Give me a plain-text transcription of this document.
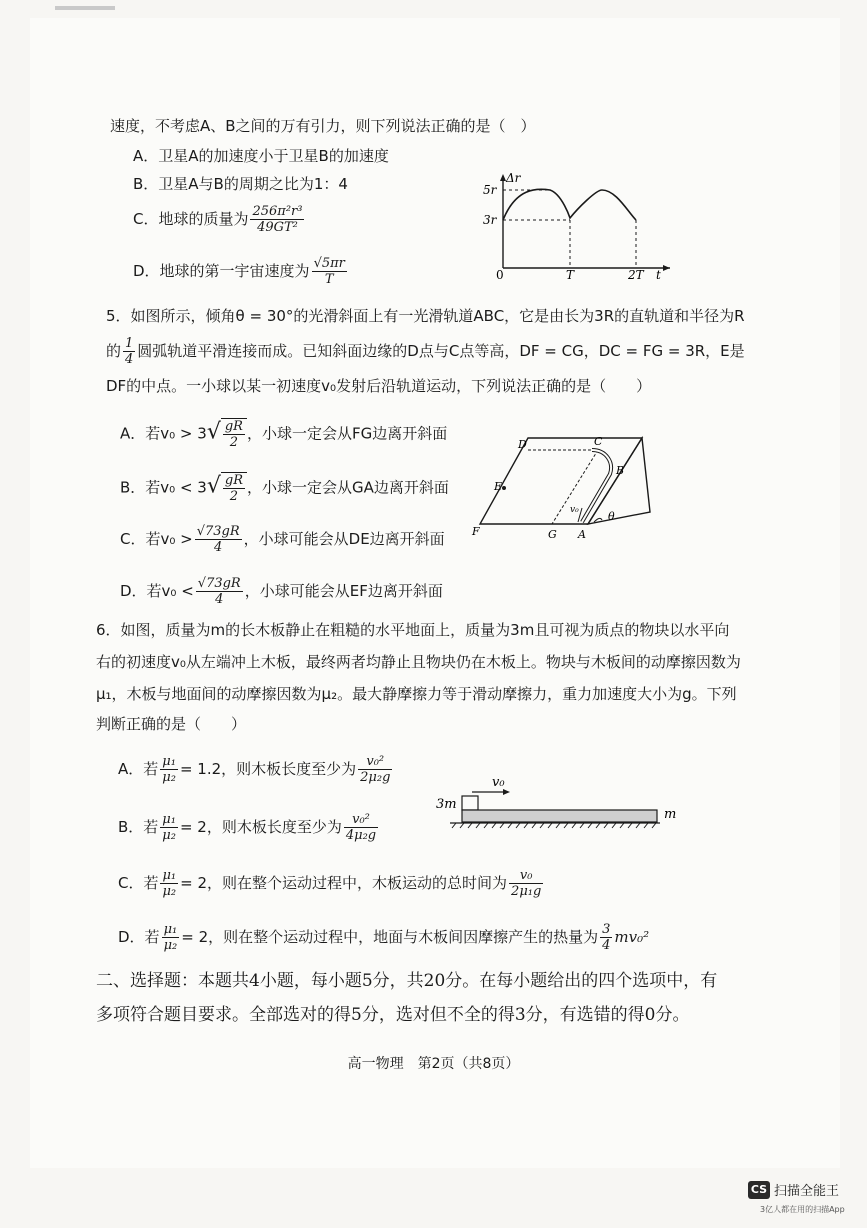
速度，不考虑A、B之间的万有引力，则下列说法正确的是（　）
A．卫星A的加速度小于卫星B的加速度
B．卫星A与B的周期之比为1：4
C．地球的质量为 $\frac{\text{256π²r³}}{\text{49GT²}}$
D．地球的第一宇宙速度为 $\frac{√5\pi r}{T}$
Δr
5r
3r
0	T	2T t
5．如图所示，倾角θ = 30°的光滑斜面上有一光滑轨道ABC，它是由长为3R的直轨道和半径为R
的 $\frac{1}{4}$ 圆弧轨道平滑连接而成。已知斜面边缘的D点与C点等高，DF = CG，DC = FG = 3R，E是
DF的中点。一小球以某一初速度v₀发射后沿轨道运动，下列说法正确的是（　　）
A．若$v_0 > 3√ \frac{gR}{2}$ ，小球一定会从FG边离开斜面
B．若$v_0 < 3√ \frac{gR}{2}$ ，小球一定会从GA边离开斜面
C．若$v_0 > \frac{√73gR}{4}$ ，小球可能会从DE边离开斜面
D．若$v_0 < \frac{√73gR}{4}$ ，小球可能会从EF边离开斜面
D	C
B
E
F	G A
θ
v₀
6．如图，质量为m的长木板静止在粗糙的水平地面上，质量为3m且可视为质点的物块以水平向
右的初速度v₀从左端冲上木板，最终两者均静止且物块仍在木板上。物块与木板间的动摩擦因数为
μ₁，木板与地面间的动摩擦因数为μ₂。最大静摩擦力等于滑动摩擦力，重力加速度大小为g。下列
判断正确的是（　　）
A．若 $\frac{\text{μ₁}}{\text{μ₂}} = 1.2$，则木板长度至少为 $\frac{\text{v₀²}}{\text{2μ₂g}}$
B．若 $\frac{\text{μ₁}}{\text{μ₂}} = 2$，则木板长度至少为 $\frac{\text{v₀²}}{\text{4μ₂g}}$
C．若 $\frac{\text{μ₁}}{\text{μ₂}} = 2$，则在整个运动过程中，木板运动的总时间为 $\frac{\text{v₀}}{\text{2μ₁g}}$
D．若 $\frac{\text{μ₁}}{\text{μ₂}} = 2$，则在整个运动过程中，地面与木板间因摩擦产生的热量为 $\frac{3}{4} mv_0^2$
v₀
3m
m
二、选择题：本题共4小题，每小题5分，共20分。在每小题给出的四个选项中，有
多项符合题目要求。全部选对的得5分，选对但不全的得3分，有选错的得0分。
高一物理　第2页（共8页）
CS 扫描全能王
3亿人都在用的扫描App
